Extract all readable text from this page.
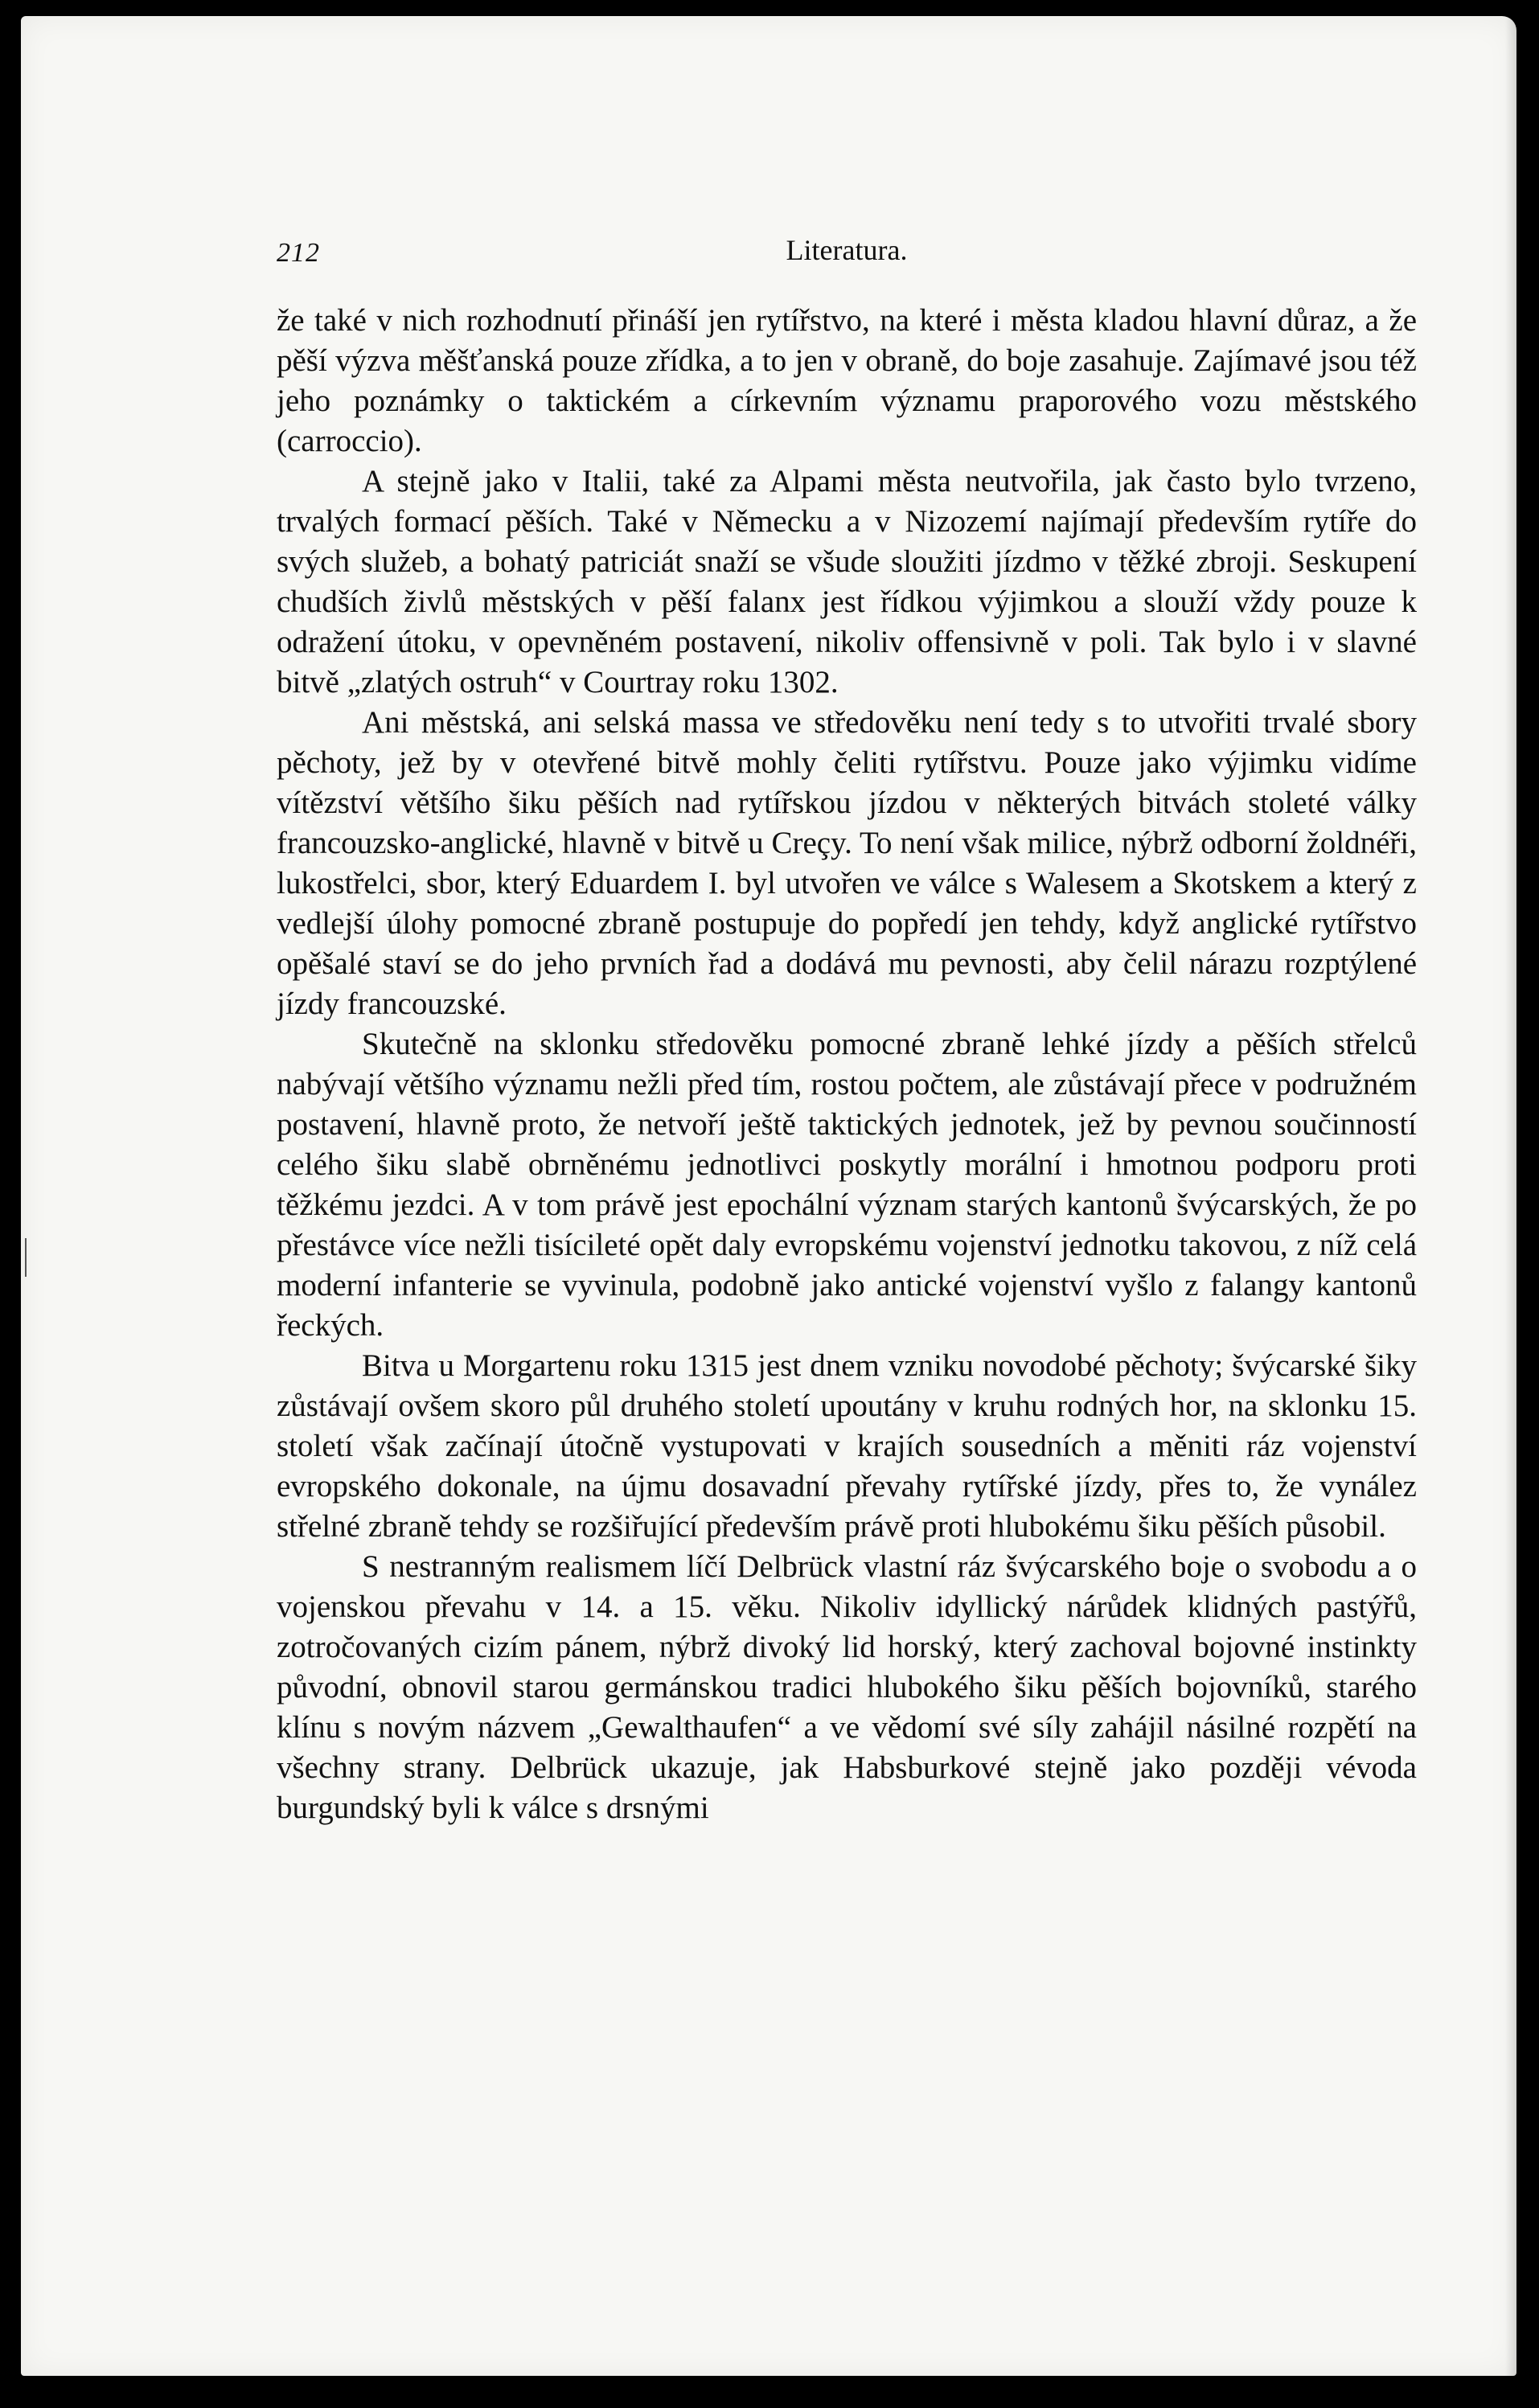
212	Literatura.

že také v nich rozhodnutí přináší jen rytířstvo, na které i města kladou hlavní důraz, a že pěší výzva měšťanská pouze zřídka, a to jen v obraně, do boje zasahuje. Zajímavé jsou též jeho poznámky o taktickém a církevním významu praporového vozu městského (carroccio).

A stejně jako v Italii, také za Alpami města neutvořila, jak často bylo tvrzeno, trvalých formací pěších. Také v Německu a v Nizozemí najímají především rytíře do svých služeb, a bohatý patriciát snaží se všude sloužiti jízdmo v těžké zbroji. Seskupení chudších živlů městských v pěší falanx jest řídkou výjimkou a slouží vždy pouze k odražení útoku, v opevněném postavení, nikoliv offensivně v poli. Tak bylo i v slavné bitvě „zlatých ostruh“ v Courtray roku 1302.

Ani městská, ani selská massa ve středověku není tedy s to utvořiti trvalé sbory pěchoty, jež by v otevřené bitvě mohly čeliti rytířstvu. Pouze jako výjimku vidíme vítězství většího šiku pěších nad rytířskou jízdou v některých bitvách stoleté války francouzsko-anglické, hlavně v bitvě u Creçy. To není však milice, nýbrž odborní žoldnéři, lukostřelci, sbor, který Eduardem I. byl utvořen ve válce s Walesem a Skotskem a který z vedlejší úlohy pomocné zbraně postupuje do popředí jen tehdy, když anglické rytířstvo opěšalé staví se do jeho prvních řad a dodává mu pevnosti, aby čelil nárazu rozptýlené jízdy francouzské.

Skutečně na sklonku středověku pomocné zbraně lehké jízdy a pěších střelců nabývají většího významu nežli před tím, rostou počtem, ale zůstávají přece v podružném postavení, hlavně proto, že netvoří ještě taktických jednotek, jež by pevnou součinností celého šiku slabě obrněnému jednotlivci poskytly morální i hmotnou podporu proti těžkému jezdci. A v tom právě jest epochální význam starých kantonů švýcarských, že po přestávce více nežli tisícileté opět daly evropskému vojenství jednotku takovou, z níž celá moderní infanterie se vyvinula, podobně jako antické vojenství vyšlo z falangy kantonů řeckých.

Bitva u Morgartenu roku 1315 jest dnem vzniku novodobé pěchoty; švýcarské šiky zůstávají ovšem skoro půl druhého století upoutány v kruhu rodných hor, na sklonku 15. století však začínají útočně vystupovati v krajích sousedních a měniti ráz vojenství evropského dokonale, na újmu dosavadní převahy rytířské jízdy, přes to, že vynález střelné zbraně tehdy se rozšiřující především právě proti hlubokému šiku pěších působil.

S nestranným realismem líčí Delbrück vlastní ráz švýcarského boje o svobodu a o vojenskou převahu v 14. a 15. věku. Nikoliv idyllický nárůdek klidných pastýřů, zotročovaných cizím pánem, nýbrž divoký lid horský, který zachoval bojovné instinkty původní, obnovil starou germánskou tradici hlubokého šiku pěších bojovníků, starého klínu s novým názvem „Gewalthaufen“ a ve vědomí své síly zahájil násilné rozpětí na všechny strany. Delbrück ukazuje, jak Habsburkové stejně jako později vévoda burgundský byli k válce s drsnými
